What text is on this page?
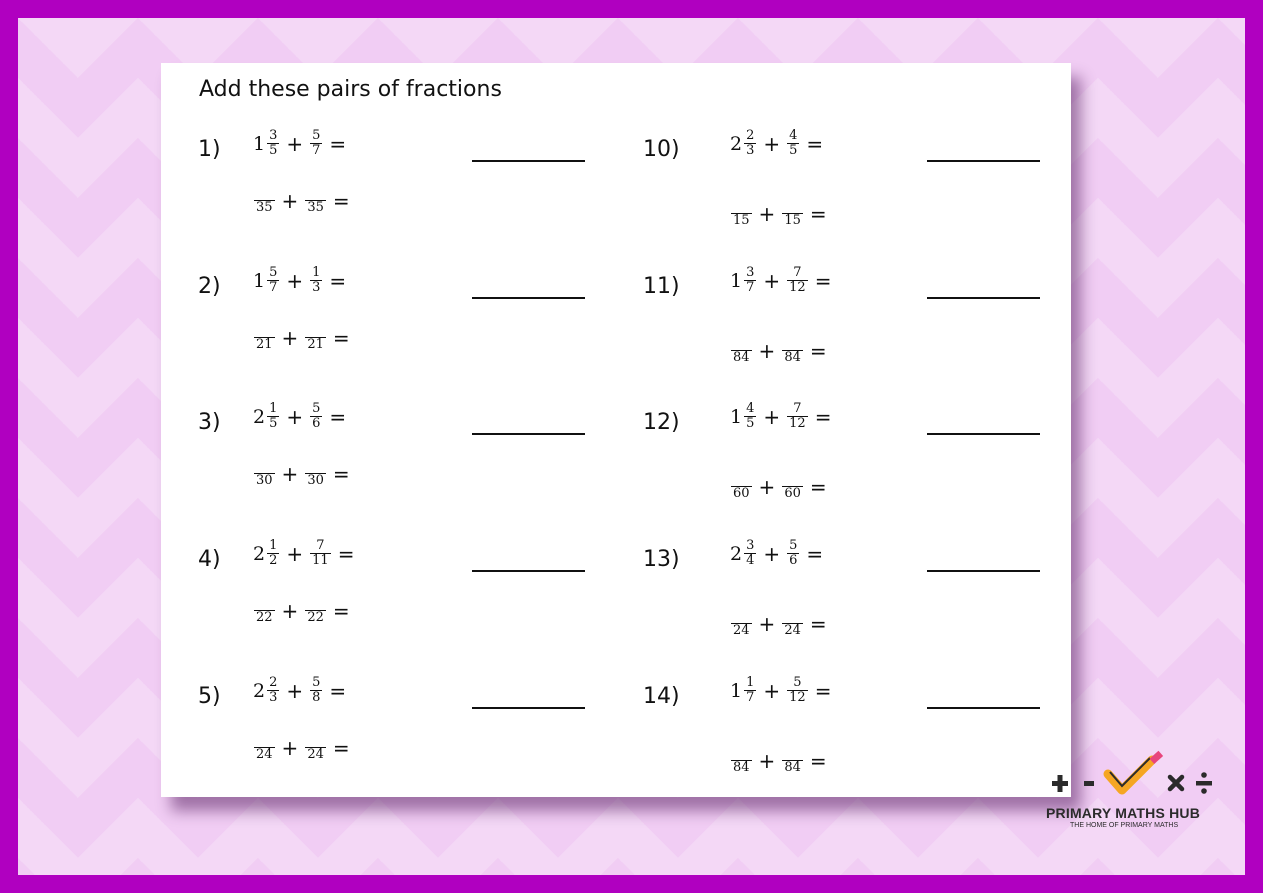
Add these pairs of fractions
1) $1 \frac{3}{5} + \frac{5}{7}$ =
35 + 35 =
2) $1 \frac{5}{7} + \frac{1}{3}$ =
21 + 21 =
3) $2 \frac{1}{5} + \frac{5}{6}$ =
30 + 30 =
4) $2 \frac{1}{2} + \frac{7}{11}$ =
22 + 22 =
5) $2 \frac{2}{3} + \frac{5}{8}$ =
24 + 24 =
10)	$2 \frac{2}{3} + \frac{4}{5}$ =
15 + 15 =
11)	$1 \frac{3}{7} + \frac{7}{12}$ =
84 + 84 =
12)	$1 \frac{4}{5} + \frac{7}{12}$ =
60 + 60 =
13)	$2 \frac{3}{4} + \frac{5}{6}$ =
24 + 24 =
14)	$1 \frac{1}{7} + \frac{5}{12}$ =
84 + 84 =
PRIMARY MATHS HUB
THE HOME OF PRIMARY MATHS
